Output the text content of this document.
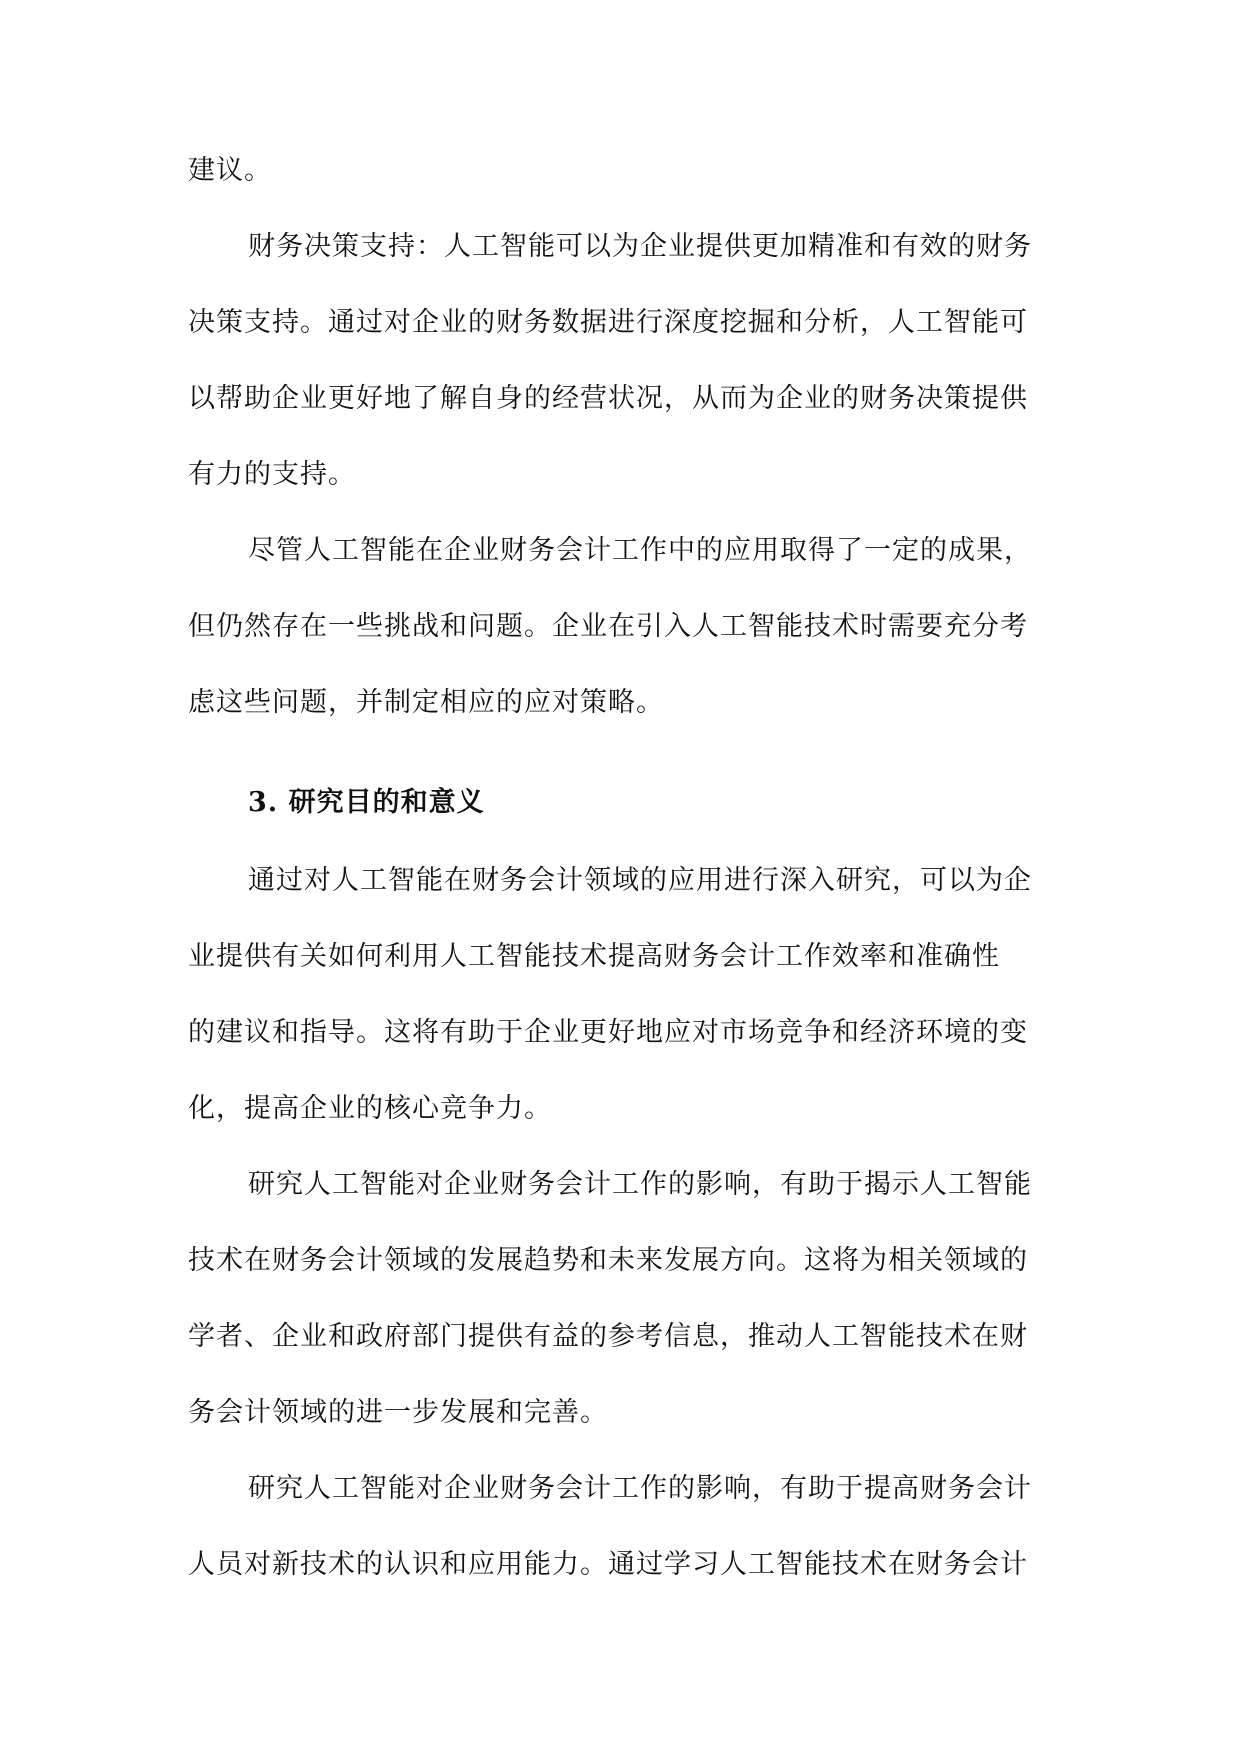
建议。
财务决策支持：人工智能可以为企业提供更加精准和有效的财务
决策支持。通过对企业的财务数据进行深度挖掘和分析，人工智能可
以帮助企业更好地了解自身的经营状况，从而为企业的财务决策提供
有力的支持。
尽管人工智能在企业财务会计工作中的应用取得了一定的成果，
但仍然存在一些挑战和问题。企业在引入人工智能技术时需要充分考
虑这些问题，并制定相应的应对策略。
3. 研究目的和意义
通过对人工智能在财务会计领域的应用进行深入研究，可以为企
业提供有关如何利用人工智能技术提高财务会计工作效率和准确性
的建议和指导。这将有助于企业更好地应对市场竞争和经济环境的变
化，提高企业的核心竞争力。
研究人工智能对企业财务会计工作的影响，有助于揭示人工智能
技术在财务会计领域的发展趋势和未来发展方向。这将为相关领域的
学者、企业和政府部门提供有益的参考信息，推动人工智能技术在财
务会计领域的进一步发展和完善。
研究人工智能对企业财务会计工作的影响，有助于提高财务会计
人员对新技术的认识和应用能力。通过学习人工智能技术在财务会计
